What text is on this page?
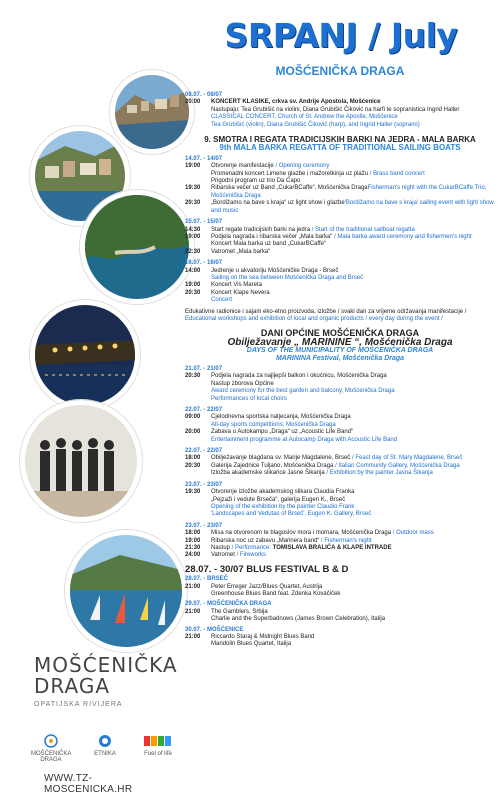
MOŠĆENIČKA
DRAGA
OPATIJSKA RIVIJERA
MOŠĆENIČKA DRAGA
ETNIKA	Fuel of life
WWW.TZ-MOSCENICKA.HR
SRPANJ / July
MOŠĆENIČKA DRAGA
08.07. - 08/07
20:00	KONCERT KLASIKE, crkva sv. Andrije Apostola, Mošćenice
Nastupaju: Tea Grubišić na violini, Diana Grubišić Čiković na harfi te sopranistica Ingrid Haller
CLASSICAL CONCERT, Church of St. Andrew the Apostle, Mošćenice
Tea Grubišić (violin), Diana Grubišić Čiković (harp), and Ingrid Haller (soprano)
9. SMOTRA I REGATA TRADICIJSKIH BARKI NA JEDRA - MALA BARKA
9th MALA BARKA REGATTA OF TRADITIONAL SAILING BOATS
14.07. - 14/07
19:00	Otvorenje manifestacije / Opening ceremony
Promenadni koncert Limene glazbe i mažoretkinja uz plažu / Brass band concert
Prigodni program uz trio Da Capo
19:30	Ribarska večer uz Band „CukarBCaffe“, Mošćenička DragaFisherman's night with the CukarBCaffe Trio, Mošćenička Draga
20:30	„Bordižamo na bave s kraja“ uz light show i glazbe'Bordižamo na bave s kraja' sailing event with light show and music
15.07. - 15/07
14:30	Start regate tradicijskih barki na jedra / Start of the traditional sailboat regatta
19:00	Podjela nagrada i ribarska večer „Mala barka“ / Mala barka award ceremony and fishermen's night
Koncert Mala barka uz band „CukarBCaffe“
22:30	Vatromet „Mala barka“
16.07. - 16/07
14:00	Jedrenje u akvatoriju Mošćeničke Draga - Brseč
Sailing on the sea between Mošćenička Draga and Brseč
19:00	Koncert Vis Mareta
20:30	Koncert Klape Nevera
Concert
Edukativne radionice i sajam eko-etno proizvoda, izložbe / svaki dan za vrijeme održavanja manifestacije /
Educational workshops and exhibition of local and organic products / every day during the event /
DANI OPĆINE MOŠĆENIČKA DRAGA
Obilježavanje „ MARININE “, Mošćenička Draga
DAYS OF THE MUNICIPALITY OF MOŠĆENIČKA DRAGA
MARININA Festival, Mošćenička Draga
21.07. - 21/07
20:30	Podjela nagrada za najljepši balkon i okućnicu, Mošćenička Draga
Nastup zborova Općine
Award ceremony for the best garden and balcony, Mošćenička Draga
Performances of local choirs
22.07. - 22/07
09:00	Cjelodnevna sportska natjecanja, Mošćenička Draga
All-day sports competitions, Mošćenička Draga
20:00	Zabava u Autokampu „Draga“ uz „Acoustic Life Band“
Entertainment programme at Autocamp Draga with Acoustic Life Band
22.07. - 22/07
18:00	Obilježavanje blagdana sv. Marije Magdalene, Brseč / Feast day of St. Mary Magdalene, Brseč
20:30	Galerija Zajednice Tuljano, Mošćenička Draga / Italian Community Gallery, Mošćenička Draga
Izložba akademske slikarice Jasne Šikanja / Exhibition by the painter Jasna Šikanja
23.07. - 23/07
19:30	Otvorenje izložbe akademskog slikara Claudia Franka
„Pejzaži i vedute Brseča“, galerija Eugen K., Brseč
Opening of the exhibition by the painter Claudio Frank
'Landscapes and Vedutas of Brseč', Eugen K. Gallery, Brseč
23.07. - 23/07
18:00	Misa na otvorenom te blagoslov mora i mornara, Mošćenička Draga / Outdoor mass
19:00	Ribarska noć uz zabavu „Marinera band“ / Fisherman's night
21:30	Nastup / Performance: TOMISLAVA BRALIĆA & KLAPE INTRADE
24:00	Vatromet / Fireworks
28.07. - 30/07 BLUS FESTIVAL B & D
28.07. - BRSEČ
21:00	Peter Erreger Jazz/Blues Quartet, Austrija
Greenhouse Blues Band feat. Zdenka Kovačiček
29.07. - MOŠĆENIČKA DRAGA
21:00	The Gamblers, Srbija
Charlie and the Superbadnows (James Brown Celebration), Italija
30.07. - MOŠĆENICE
21:00	Riccardo Staraj & Midnight Blues Band
Mandolin Blues Quartet, Italija
